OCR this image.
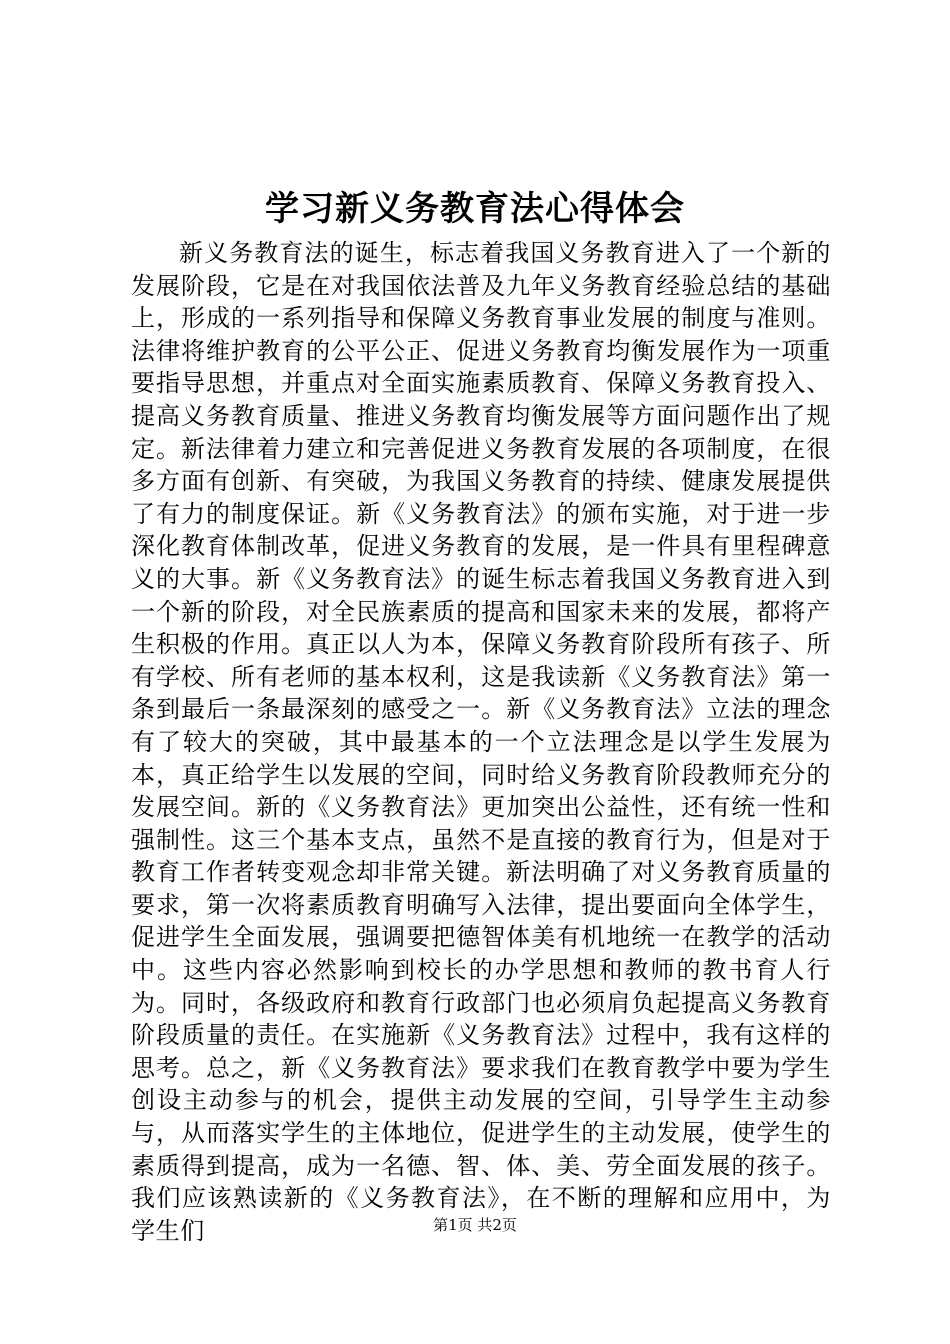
学习新义务教育法心得体会

新义务教育法的诞生，标志着我国义务教育进入了一个新的发展阶段，它是在对我国依法普及九年义务教育经验总结的基础上，形成的一系列指导和保障义务教育事业发展的制度与准则。法律将维护教育的公平公正、促进义务教育均衡发展作为一项重要指导思想，并重点对全面实施素质教育、保障义务教育投入、提高义务教育质量、推进义务教育均衡发展等方面问题作出了规定。新法律着力建立和完善促进义务教育发展的各项制度，在很多方面有创新、有突破，为我国义务教育的持续、健康发展提供了有力的制度保证。新《义务教育法》的颁布实施，对于进一步深化教育体制改革，促进义务教育的发展，是一件具有里程碑意义的大事。新《义务教育法》的诞生标志着我国义务教育进入到一个新的阶段，对全民族素质的提高和国家未来的发展，都将产生积极的作用。真正以人为本，保障义务教育阶段所有孩子、所有学校、所有老师的基本权利，这是我读新《义务教育法》第一条到最后一条最深刻的感受之一。新《义务教育法》立法的理念有了较大的突破，其中最基本的一个立法理念是以学生发展为本，真正给学生以发展的空间，同时给义务教育阶段教师充分的发展空间。新的《义务教育法》更加突出公益性，还有统一性和强制性。这三个基本支点，虽然不是直接的教育行为，但是对于教育工作者转变观念却非常关键。新法明确了对义务教育质量的要求，第一次将素质教育明确写入法律，提出要面向全体学生，促进学生全面发展，强调要把德智体美有机地统一在教学的活动中。这些内容必然影响到校长的办学思想和教师的教书育人行为。同时，各级政府和教育行政部门也必须肩负起提高义务教育阶段质量的责任。在实施新《义务教育法》过程中，我有这样的思考。总之，新《义务教育法》要求我们在教育教学中要为学生创设主动参与的机会，提供主动发展的空间，引导学生主动参与，从而落实学生的主体地位，促进学生的主动发展，使学生的素质得到提高，成为一名德、智、体、美、劳全面发展的孩子。我们应该熟读新的《义务教育法》，在不断的理解和应用中，为学生们	第1页 共2页
